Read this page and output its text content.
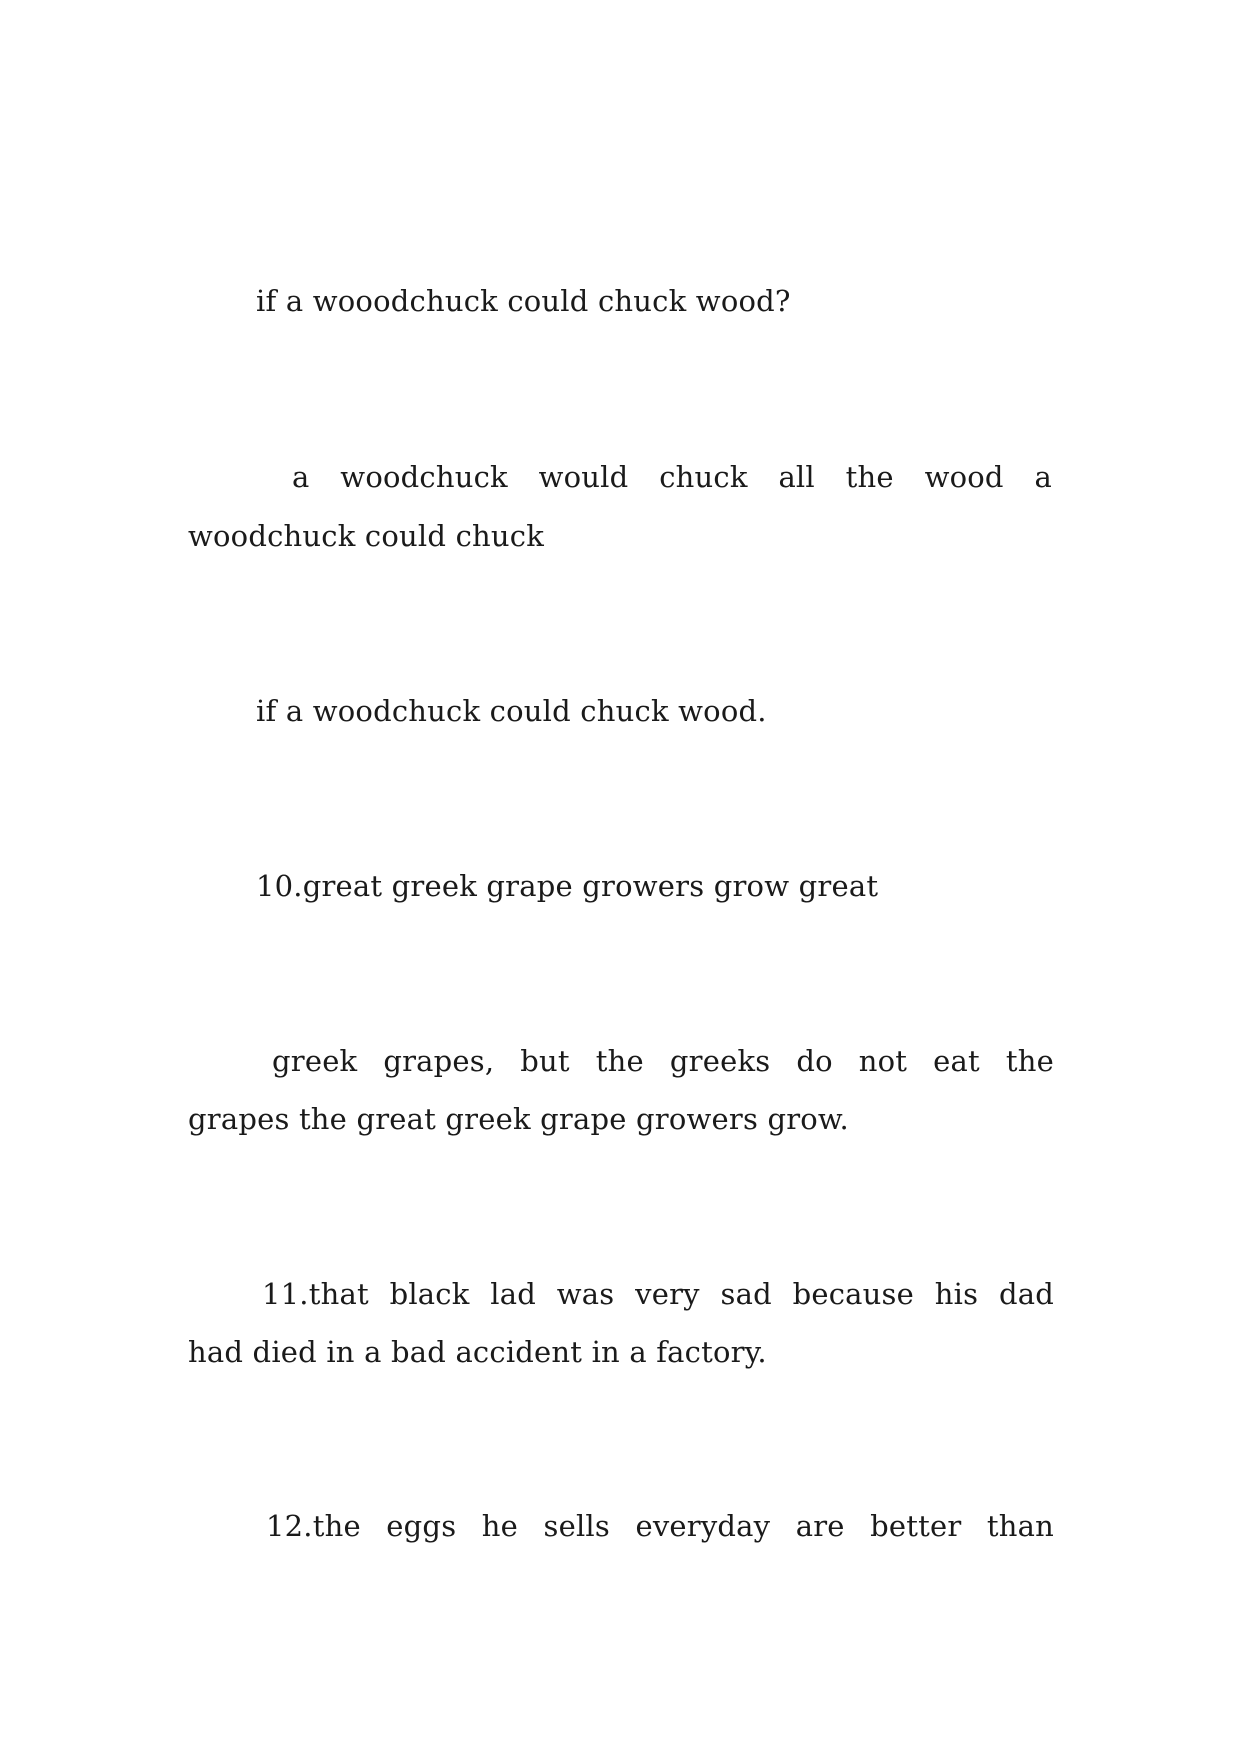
if a wooodchuck could chuck wood?
a woodchuck would chuck all the wood a
woodchuck could chuck
if a woodchuck could chuck wood.
10.great greek grape growers grow great
greek grapes, but the greeks do not eat the
grapes the great greek grape growers grow.
11.that black lad was very sad because his dad
had died in a bad accident in a factory.
12.the eggs he sells everyday are better than
